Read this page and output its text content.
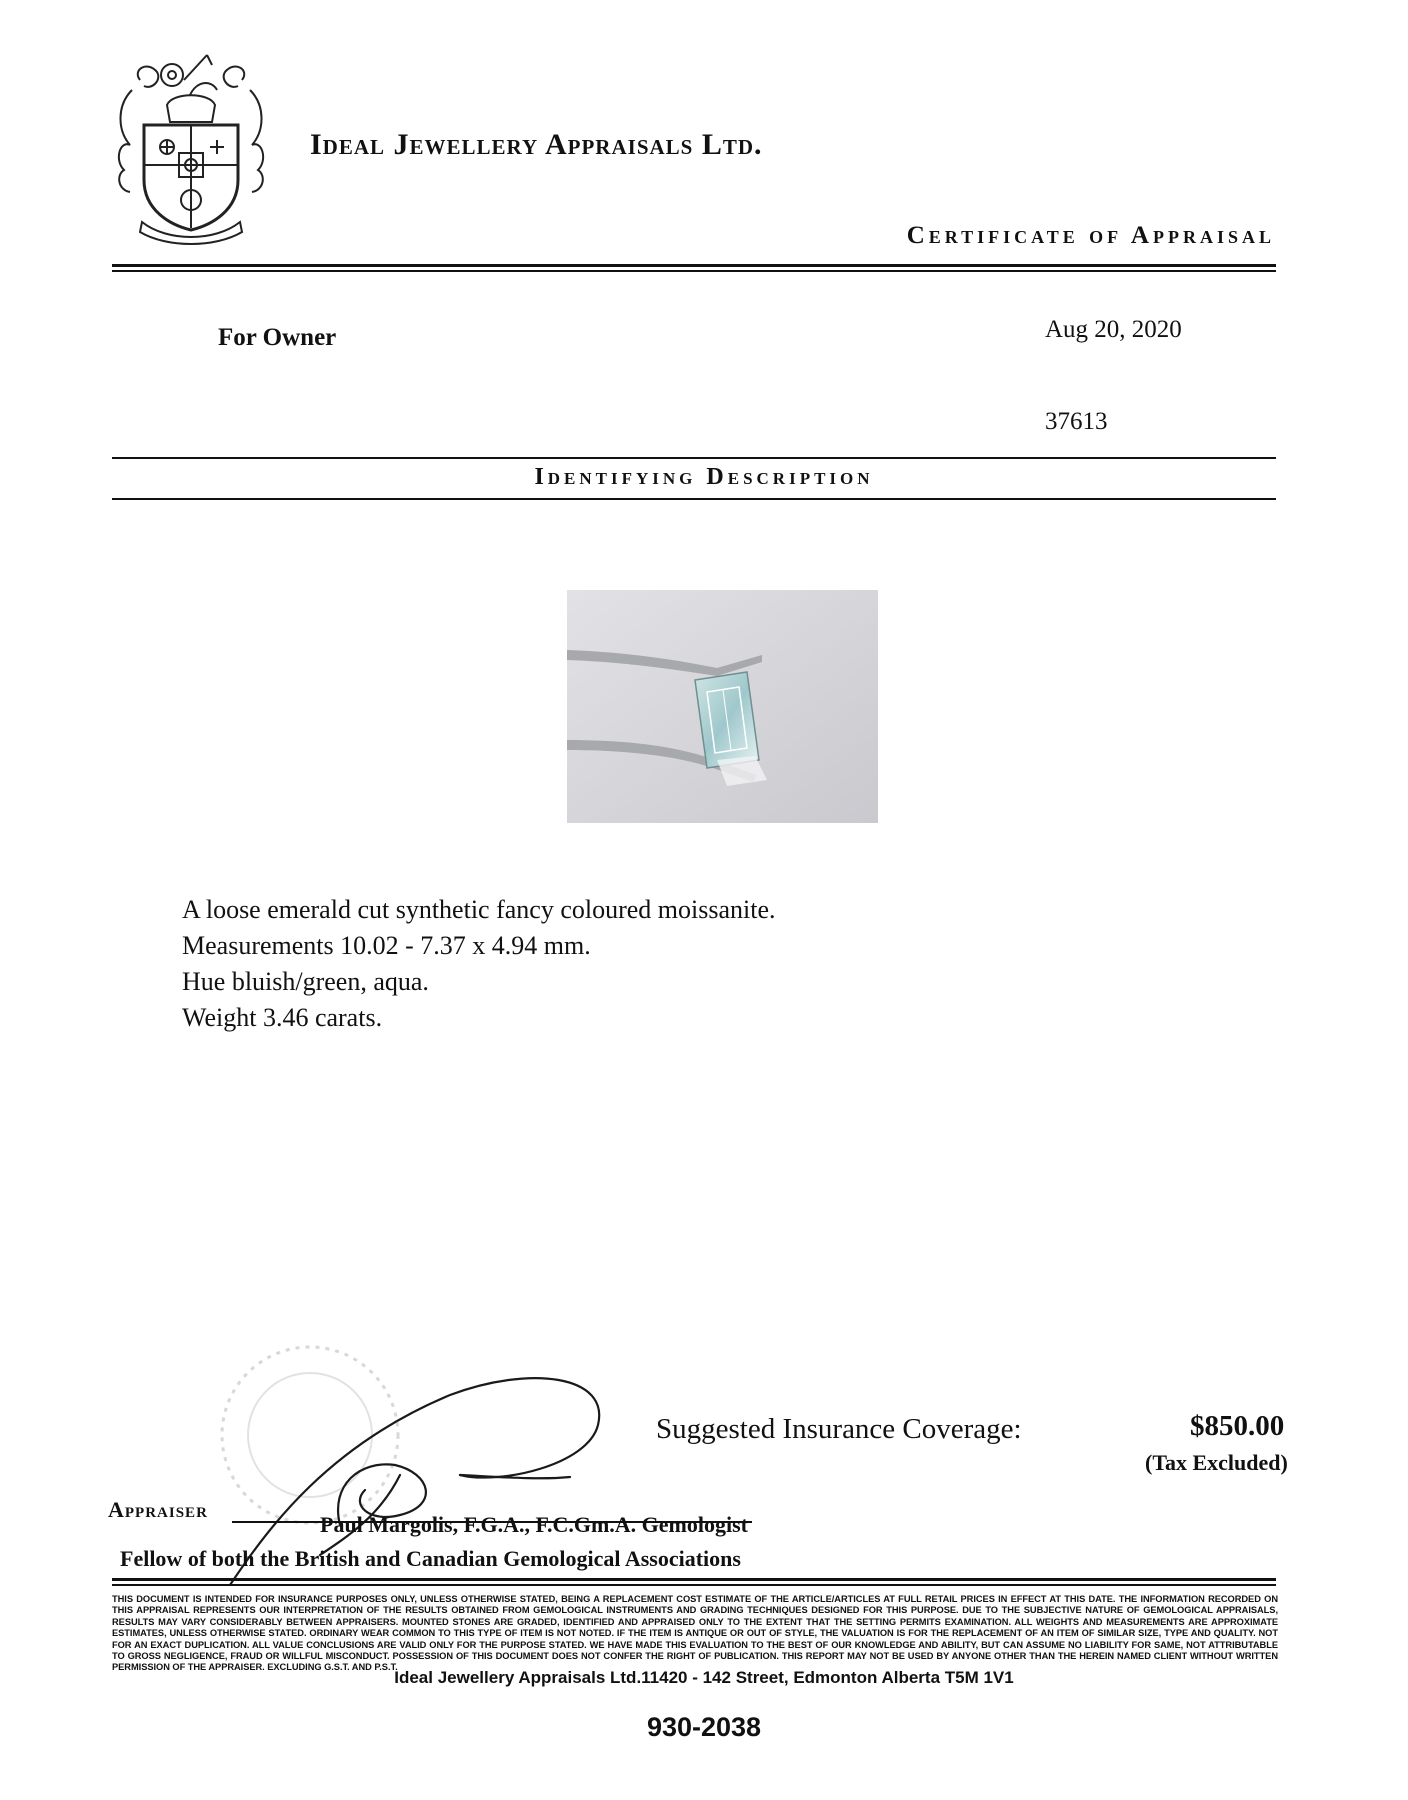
Ideal Jewellery Appraisals Ltd.
Certificate of Appraisal
For Owner	Aug 20, 2020
37613
Identifying Description
A loose emerald cut synthetic fancy coloured moissanite.
Measurements 10.02 - 7.37 x 4.94 mm.
Hue bluish/green, aqua.
Weight 3.46 carats.
Suggested Insurance Coverage:	$850.00
(Tax Excluded)
Appraiser
Paul Margolis, F.G.A., F.C.Gm.A. Gemologist
Fellow of both the British and Canadian Gemological Associations
THIS DOCUMENT IS INTENDED FOR INSURANCE PURPOSES ONLY, UNLESS OTHERWISE STATED, BEING A REPLACEMENT COST ESTIMATE OF THE ARTICLE/ARTICLES AT FULL RETAIL PRICES IN EFFECT AT THIS DATE. THE INFORMATION RECORDED ON THIS APPRAISAL REPRESENTS OUR INTERPRETATION OF THE RESULTS OBTAINED FROM GEMOLOGICAL INSTRUMENTS AND GRADING TECHNIQUES DESIGNED FOR THIS PURPOSE. DUE TO THE SUBJECTIVE NATURE OF GEMOLOGICAL APPRAISALS, RESULTS MAY VARY CONSIDERABLY BETWEEN APPRAISERS. MOUNTED STONES ARE GRADED, IDENTIFIED AND APPRAISED ONLY TO THE EXTENT THAT THE SETTING PERMITS EXAMINATION. ALL WEIGHTS AND MEASUREMENTS ARE APPROXIMATE ESTIMATES, UNLESS OTHERWISE STATED. ORDINARY WEAR COMMON TO THIS TYPE OF ITEM IS NOT NOTED. IF THE ITEM IS ANTIQUE OR OUT OF STYLE, THE VALUATION IS FOR THE REPLACEMENT OF AN ITEM OF SIMILAR SIZE, TYPE AND QUALITY. NOT FOR AN EXACT DUPLICATION. ALL VALUE CONCLUSIONS ARE VALID ONLY FOR THE PURPOSE STATED. WE HAVE MADE THIS EVALUATION TO THE BEST OF OUR KNOWLEDGE AND ABILITY, BUT CAN ASSUME NO LIABILITY FOR SAME, NOT ATTRIBUTABLE TO GROSS NEGLIGENCE, FRAUD OR WILLFUL MISCONDUCT. POSSESSION OF THIS DOCUMENT DOES NOT CONFER THE RIGHT OF PUBLICATION. THIS REPORT MAY NOT BE USED BY ANYONE OTHER THAN THE HEREIN NAMED CLIENT WITHOUT WRITTEN PERMISSION OF THE APPRAISER. EXCLUDING G.S.T. AND P.S.T.
Ideal Jewellery Appraisals Ltd.11420 - 142 Street, Edmonton Alberta T5M 1V1
930-2038
